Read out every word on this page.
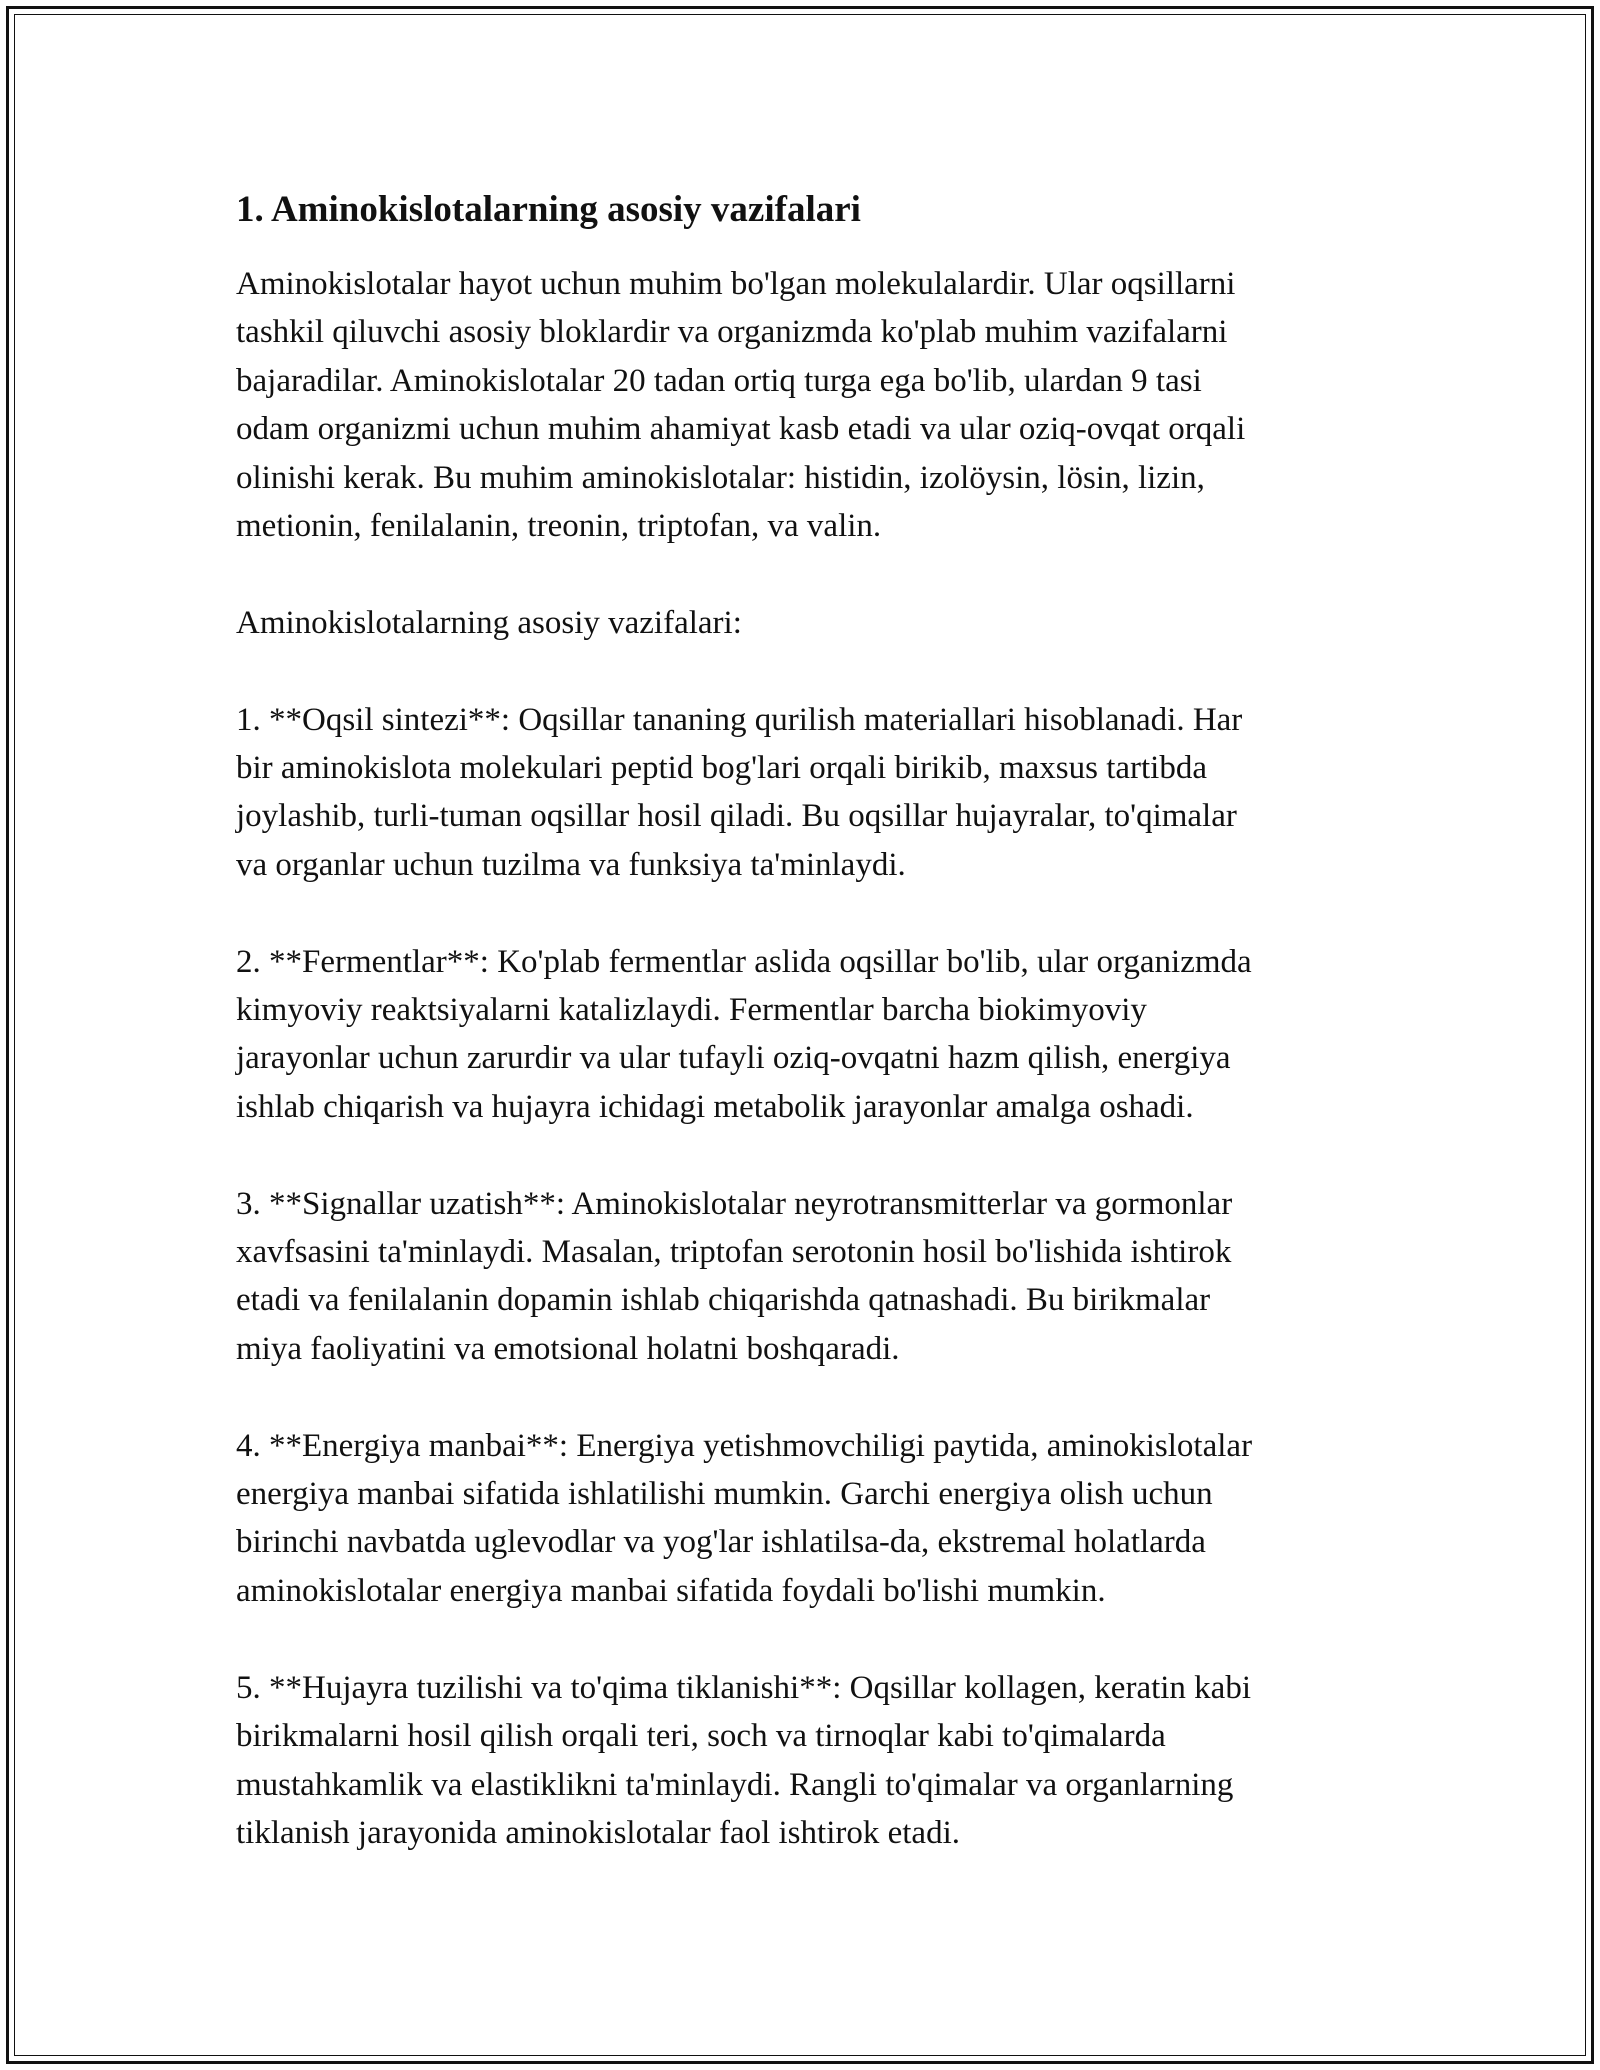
1. Aminokislotalarning asosiy vazifalari

Aminokislotalar hayot uchun muhim bo'lgan molekulalardir. Ular oqsillarni
tashkil qiluvchi asosiy bloklardir va organizmda ko'plab muhim vazifalarni
bajaradilar. Aminokislotalar 20 tadan ortiq turga ega bo'lib, ulardan 9 tasi
odam organizmi uchun muhim ahamiyat kasb etadi va ular oziq-ovqat orqali
olinishi kerak. Bu muhim aminokislotalar: histidin, izolöysin, lösin, lizin,
metionin, fenilalanin, treonin, triptofan, va valin.

Aminokislotalarning asosiy vazifalari:

1. **Oqsil sintezi**: Oqsillar tananing qurilish materiallari hisoblanadi. Har
bir aminokislota molekulari peptid bog'lari orqali birikib, maxsus tartibda
joylashib, turli-tuman oqsillar hosil qiladi. Bu oqsillar hujayralar, to'qimalar
va organlar uchun tuzilma va funksiya ta'minlaydi.

2. **Fermentlar**: Ko'plab fermentlar aslida oqsillar bo'lib, ular organizmda
kimyoviy reaktsiyalarni katalizlaydi. Fermentlar barcha biokimyoviy
jarayonlar uchun zarurdir va ular tufayli oziq-ovqatni hazm qilish, energiya
ishlab chiqarish va hujayra ichidagi metabolik jarayonlar amalga oshadi.

3. **Signallar uzatish**: Aminokislotalar neyrotransmitterlar va gormonlar
xavfsasini ta'minlaydi. Masalan, triptofan serotonin hosil bo'lishida ishtirok
etadi va fenilalanin dopamin ishlab chiqarishda qatnashadi. Bu birikmalar
miya faoliyatini va emotsional holatni boshqaradi.

4. **Energiya manbai**: Energiya yetishmovchiligi paytida, aminokislotalar
energiya manbai sifatida ishlatilishi mumkin. Garchi energiya olish uchun
birinchi navbatda uglevodlar va yog'lar ishlatilsa-da, ekstremal holatlarda
aminokislotalar energiya manbai sifatida foydali bo'lishi mumkin.

5. **Hujayra tuzilishi va to'qima tiklanishi**: Oqsillar kollagen, keratin kabi
birikmalarni hosil qilish orqali teri, soch va tirnoqlar kabi to'qimalarda
mustahkamlik va elastiklikni ta'minlaydi. Rangli to'qimalar va organlarning
tiklanish jarayonida aminokislotalar faol ishtirok etadi.
